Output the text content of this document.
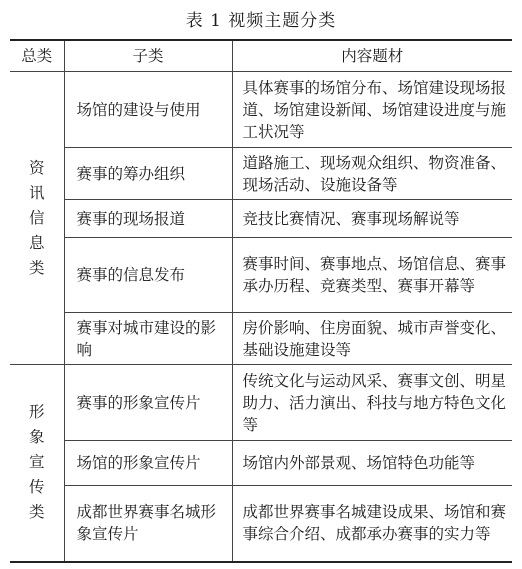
表 1 视频主题分类
总类	子类	内容题材

资
讯
信
息
类	场馆的建设与使用	具体赛事的场馆分布、场馆建设现场报道、场馆建设新闻、场馆建设进度与施工状况等
	赛事的筹办组织	道路施工、现场观众组织、物资准备、现场活动、设施设备等
	赛事的现场报道	竞技比赛情况、赛事现场解说等
	赛事的信息发布	赛事时间、赛事地点、场馆信息、赛事承办历程、竞赛类型、赛事开幕等
	赛事对城市建设的影响	房价影响、住房面貌、城市声誉变化、基础设施建设等

形
象
宣
传
类	赛事的形象宣传片	传统文化与运动风采、赛事文创、明星助力、活力演出、科技与地方特色文化等
	场馆的形象宣传片	场馆内外部景观、场馆特色功能等
	成都世界赛事名城形象宣传片	成都世界赛事名城建设成果、场馆和赛事综合介绍、成都承办赛事的实力等
